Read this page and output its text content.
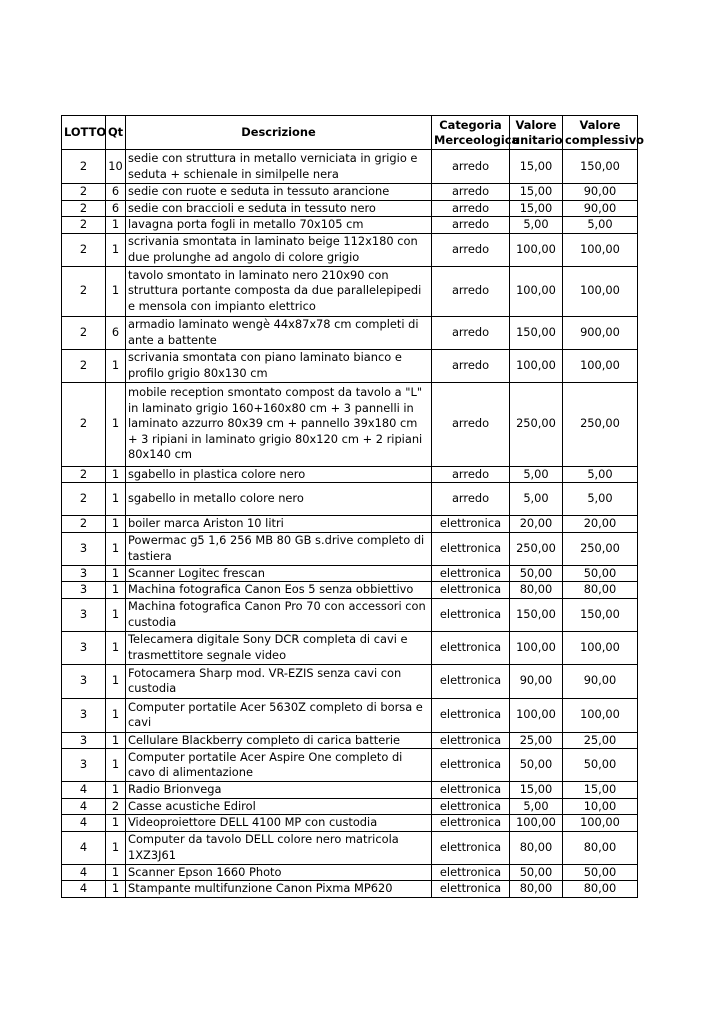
LOTTO	Qt	Descrizione	Categoria Merceologica	Valore unitario	Valore complessivo
2	10	sedie con struttura in metallo verniciata in grigio e seduta + schienale in similpelle nera	arredo	15,00	150,00
2	6	sedie con ruote e seduta in tessuto arancione	arredo	15,00	90,00
2	6	sedie con braccioli e seduta in tessuto nero	arredo	15,00	90,00
2	1	lavagna porta fogli in metallo 70x105 cm	arredo	5,00	5,00
2	1	scrivania smontata in laminato beige 112x180 con due prolunghe ad angolo di colore grigio	arredo	100,00	100,00
2	1	tavolo smontato in laminato nero 210x90 con struttura portante composta da due parallelepipedi e mensola con impianto elettrico	arredo	100,00	100,00
2	6	armadio laminato wengè 44x87x78 cm completi di ante a battente	arredo	150,00	900,00
2	1	scrivania smontata con piano laminato bianco e profilo grigio 80x130 cm	arredo	100,00	100,00
2	1	mobile reception smontato compost da tavolo a "L" in laminato grigio 160+160x80 cm + 3 pannelli in laminato azzurro 80x39 cm + pannello 39x180 cm + 3 ripiani in laminato grigio 80x120 cm + 2 ripiani 80x140 cm	arredo	250,00	250,00
2	1	sgabello in plastica colore nero	arredo	5,00	5,00
2	1	sgabello in metallo colore nero	arredo	5,00	5,00
2	1	boiler marca Ariston 10 litri	elettronica	20,00	20,00
3	1	Powermac g5 1,6 256 MB 80 GB s.drive completo di tastiera	elettronica	250,00	250,00
3	1	Scanner Logitec frescan	elettronica	50,00	50,00
3	1	Machina fotografica Canon Eos 5 senza obbiettivo	elettronica	80,00	80,00
3	1	Machina fotografica Canon Pro 70 con accessori con custodia	elettronica	150,00	150,00
3	1	Telecamera digitale Sony DCR completa di cavi e trasmettitore segnale video	elettronica	100,00	100,00
3	1	Fotocamera Sharp mod. VR-EZIS senza cavi con custodia	elettronica	90,00	90,00
3	1	Computer portatile Acer 5630Z completo di borsa e cavi	elettronica	100,00	100,00
3	1	Cellulare Blackberry completo di carica batterie	elettronica	25,00	25,00
3	1	Computer portatile Acer Aspire One completo di cavo di alimentazione	elettronica	50,00	50,00
4	1	Radio Brionvega	elettronica	15,00	15,00
4	2	Casse acustiche Edirol	elettronica	5,00	10,00
4	1	Videoproiettore DELL 4100 MP con custodia	elettronica	100,00	100,00
4	1	Computer da tavolo DELL colore nero matricola 1XZ3J61	elettronica	80,00	80,00
4	1	Scanner Epson 1660 Photo	elettronica	50,00	50,00
4	1	Stampante multifunzione Canon Pixma MP620	elettronica	80,00	80,00
